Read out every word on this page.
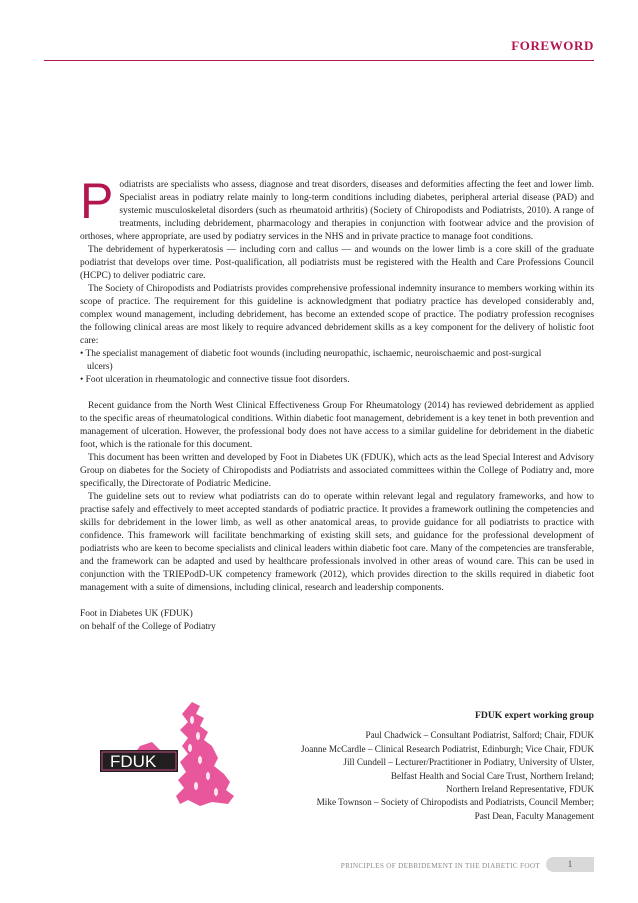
FOREWORD

Podiatrists are specialists who assess, diagnose and treat disorders, diseases and deformities affecting the feet and lower limb. Specialist areas in podiatry relate mainly to long-term conditions including diabetes, peripheral arterial disease (PAD) and systemic musculoskeletal disorders (such as rheumatoid arthritis) (Society of Chiropodists and Podiatrists, 2010). A range of treatments, including debridement, pharmacology and therapies in conjunction with footwear advice and the provision of orthoses, where appropriate, are used by podiatry services in the NHS and in private practice to manage foot conditions.

The debridement of hyperkeratosis — including corn and callus — and wounds on the lower limb is a core skill of the graduate podiatrist that develops over time. Post-qualification, all podiatrists must be registered with the Health and Care Professions Council (HCPC) to deliver podiatric care.

The Society of Chiropodists and Podiatrists provides comprehensive professional indemnity insurance to members working within its scope of practice. The requirement for this guideline is acknowledgment that podiatry practice has developed considerably and, complex wound management, including debridement, has become an extended scope of practice. The podiatry profession recognises the following clinical areas are most likely to require advanced debridement skills as a key component for the delivery of holistic foot care:

• The specialist management of diabetic foot wounds (including neuropathic, ischaemic, neuroischaemic and post-surgical

ulcers)

• Foot ulceration in rheumatologic and connective tissue foot disorders.

Recent guidance from the North West Clinical Effectiveness Group For Rheumatology (2014) has reviewed debridement as applied to the specific areas of rheumatological conditions. Within diabetic foot management, debridement is a key tenet in both prevention and management of ulceration. However, the professional body does not have access to a similar guideline for debridement in the diabetic foot, which is the rationale for this document.

This document has been written and developed by Foot in Diabetes UK (FDUK), which acts as the lead Special Interest and Advisory Group on diabetes for the Society of Chiropodists and Podiatrists and associated committees within the College of Podiatry and, more specifically, the Directorate of Podiatric Medicine.

The guideline sets out to review what podiatrists can do to operate within relevant legal and regulatory frameworks, and how to practise safely and effectively to meet accepted standards of podiatric practice. It provides a framework outlining the competencies and skills for debridement in the lower limb, as well as other anatomical areas, to provide guidance for all podiatrists to practice with confidence. This framework will facilitate benchmarking of existing skill sets, and guidance for the professional development of podiatrists who are keen to become specialists and clinical leaders within diabetic foot care. Many of the competencies are transferable, and the framework can be adapted and used by healthcare professionals involved in other areas of wound care. This can be used in conjunction with the TRIEPodD-UK competency framework (2012), which provides direction to the skills required in diabetic foot management with a suite of dimensions, including clinical, research and leadership components.

Foot in Diabetes UK (FDUK)
on behalf of the College of Podiatry
FDUK
FDUK expert working group
Paul Chadwick – Consultant Podiatrist, Salford; Chair, FDUK
Joanne McCardle – Clinical Research Podiatrist, Edinburgh; Vice Chair, FDUK
Jill Cundell – Lecturer/Practitioner in Podiatry, University of Ulster,
Belfast Health and Social Care Trust, Northern Ireland;
Northern Ireland Representative, FDUK
Mike Townson – Society of Chiropodists and Podiatrists, Council Member;
Past Dean, Faculty Management
PRINCIPLES OF DEBRIDEMENT IN THE DIABETIC FOOT	1
